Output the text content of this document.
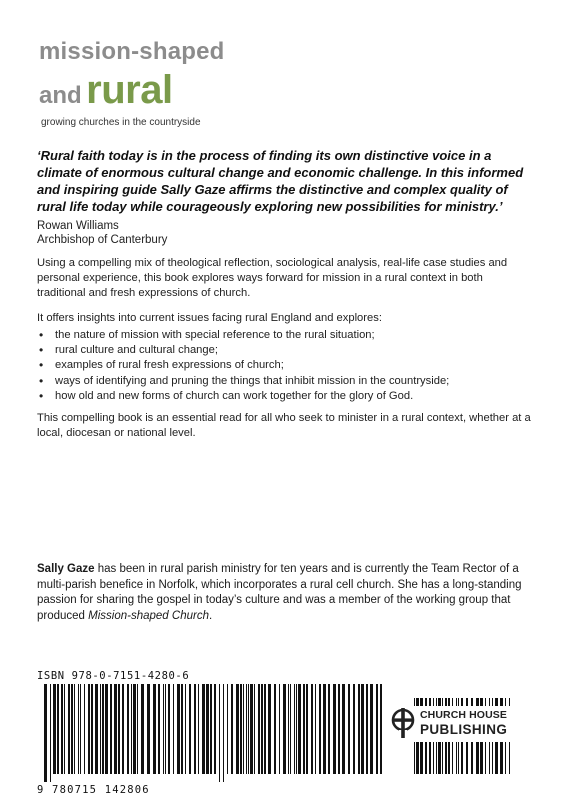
mission-shaped
and rural
growing churches in the countryside
‘Rural faith today is in the process of finding its own distinctive voice in a climate of enormous cultural change and economic challenge. In this informed and inspiring guide Sally Gaze affirms the distinctive and complex quality of rural life today while courageously exploring new possibilities for ministry.’
Rowan Williams
Archbishop of Canterbury
Using a compelling mix of theological reflection, sociological analysis, real-life case studies and personal experience, this book explores ways forward for mission in a rural context in both traditional and fresh expressions of church.
It offers insights into current issues facing rural England and explores:
• the nature of mission with special reference to the rural situation;
• rural culture and cultural change;
• examples of rural fresh expressions of church;
• ways of identifying and pruning the things that inhibit mission in the countryside;
• how old and new forms of church can work together for the glory of God.
This compelling book is an essential read for all who seek to minister in a rural context, whether at a local, diocesan or national level.
Sally Gaze has been in rural parish ministry for ten years and is currently the Team Rector of a multi-parish benefice in Norfolk, which incorporates a rural cell church. She has a long-standing passion for sharing the gospel in today’s culture and was a member of the working group that produced Mission-shaped Church.
ISBN 978-0-7151-4280-6
9 780715 142806
CHURCH HOUSE
PUBLISHING
